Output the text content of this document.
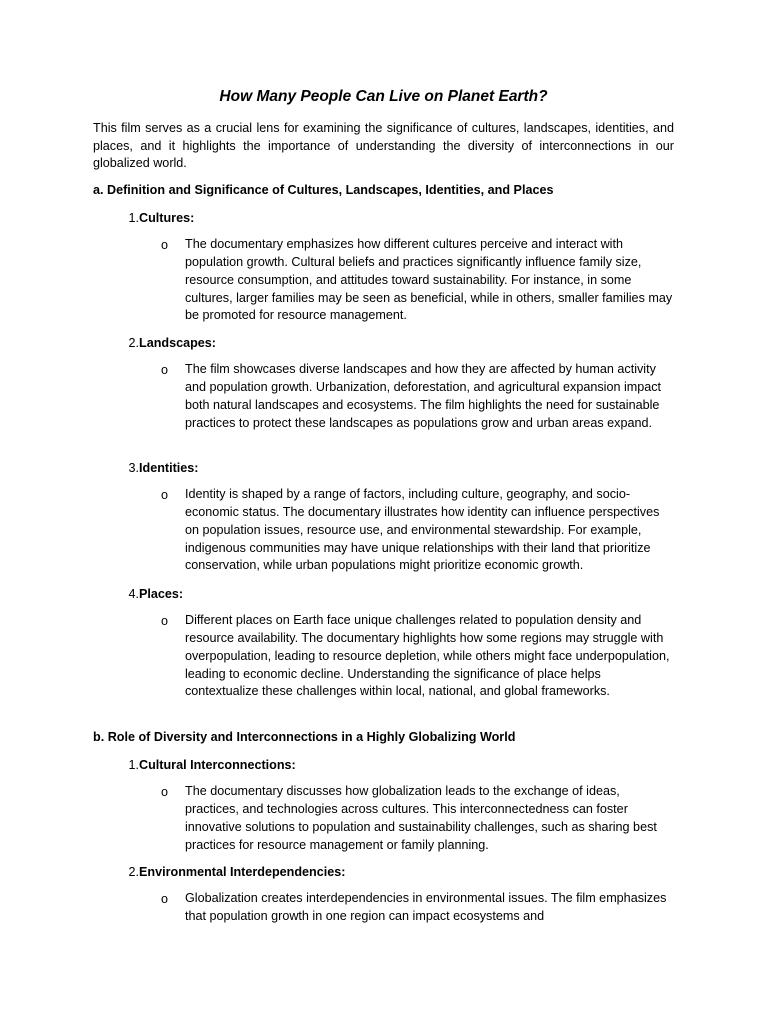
How Many People Can Live on Planet Earth?

This film serves as a crucial lens for examining the significance of cultures, landscapes, identities, and places, and it highlights the importance of understanding the diversity of interconnections in our globalized world.

a. Definition and Significance of Cultures, Landscapes, Identities, and Places

1. Cultures:
o The documentary emphasizes how different cultures perceive and interact with population growth. Cultural beliefs and practices significantly influence family size, resource consumption, and attitudes toward sustainability. For instance, in some cultures, larger families may be seen as beneficial, while in others, smaller families may be promoted for resource management.

2. Landscapes:
o The film showcases diverse landscapes and how they are affected by human activity and population growth. Urbanization, deforestation, and agricultural expansion impact both natural landscapes and ecosystems. The film highlights the need for sustainable practices to protect these landscapes as populations grow and urban areas expand.

3. Identities:
o Identity is shaped by a range of factors, including culture, geography, and socio-economic status. The documentary illustrates how identity can influence perspectives on population issues, resource use, and environmental stewardship. For example, indigenous communities may have unique relationships with their land that prioritize conservation, while urban populations might prioritize economic growth.

4. Places:
o Different places on Earth face unique challenges related to population density and resource availability. The documentary highlights how some regions may struggle with overpopulation, leading to resource depletion, while others might face underpopulation, leading to economic decline. Understanding the significance of place helps contextualize these challenges within local, national, and global frameworks.

b. Role of Diversity and Interconnections in a Highly Globalizing World

1. Cultural Interconnections:
o The documentary discusses how globalization leads to the exchange of ideas, practices, and technologies across cultures. This interconnectedness can foster innovative solutions to population and sustainability challenges, such as sharing best practices for resource management or family planning.

2. Environmental Interdependencies:
o Globalization creates interdependencies in environmental issues. The film emphasizes that population growth in one region can impact ecosystems and
